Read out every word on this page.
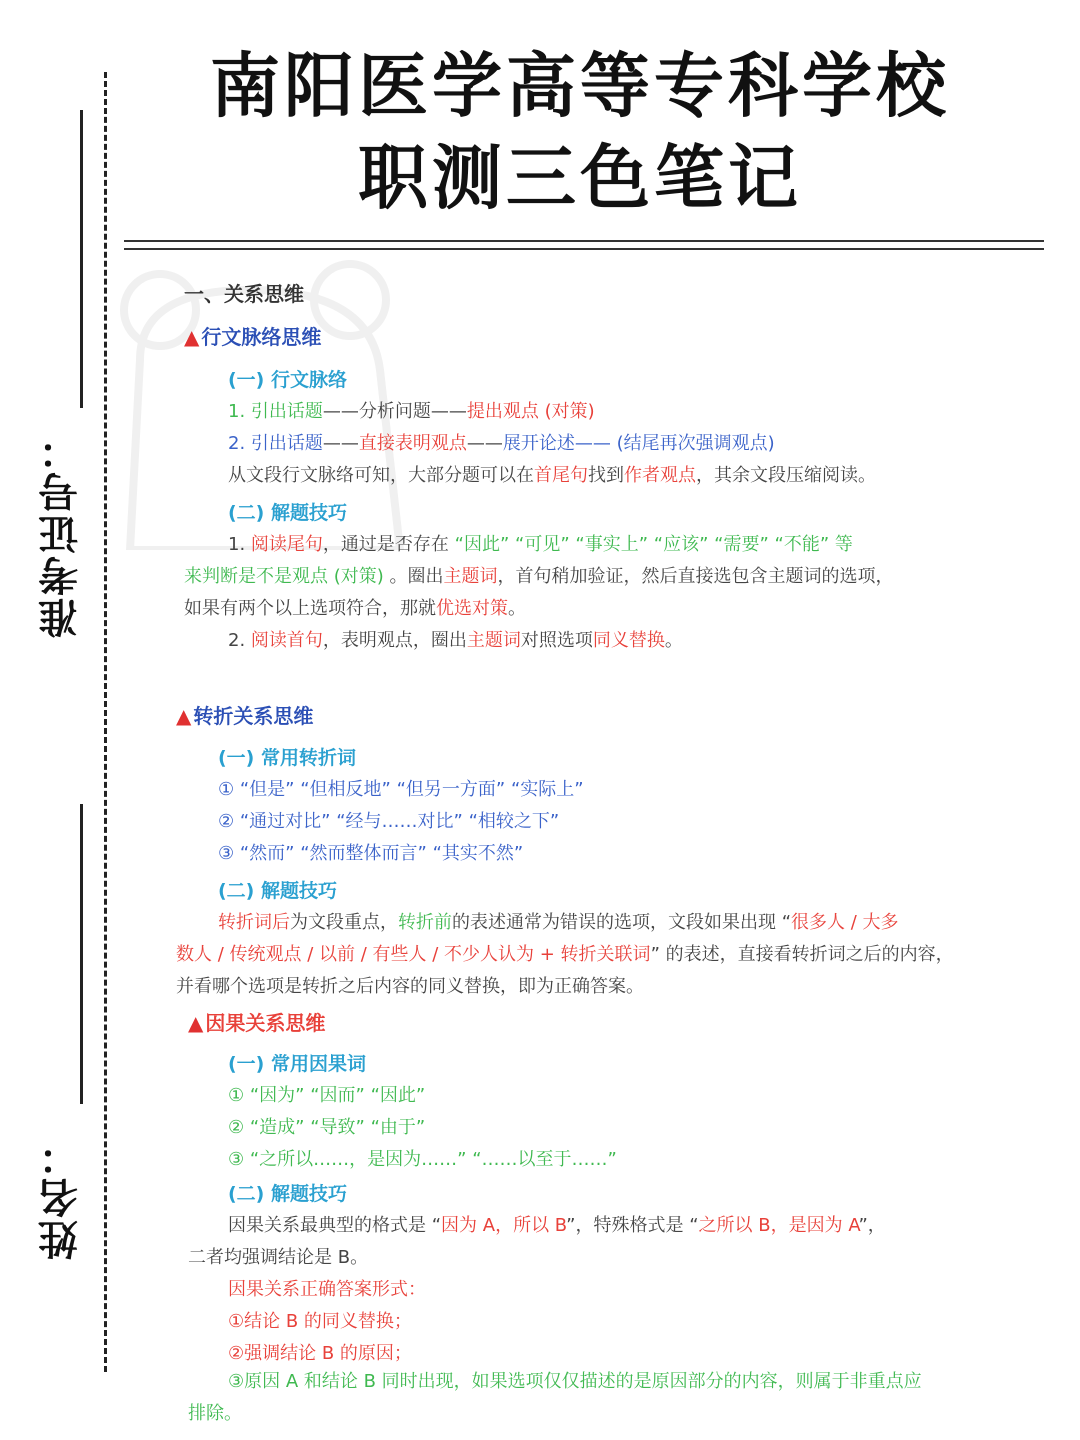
准考证号：
姓名：
南阳医学高等专科学校
职测三色笔记
一、关系思维
▲ 行文脉络思维
(一) 行文脉络
1. 引出话题——分析问题——提出观点 (对策)
2. 引出话题——直接表明观点——展开论述—— (结尾再次强调观点)
从文段行文脉络可知，大部分题可以在首尾句找到作者观点，其余文段压缩阅读。
(二) 解题技巧
1. 阅读尾句，通过是否存在 “因此” “可见” “事实上” “应该” “需要” “不能” 等
来判断是不是观点 (对策) 。圈出主题词，首句稍加验证，然后直接选包含主题词的选项，
如果有两个以上选项符合，那就优选对策。
2. 阅读首句，表明观点，圈出主题词对照选项同义替换。
▲ 转折关系思维
(一) 常用转折词
① “但是” “但相反地” “但另一方面” “实际上”
② “通过对比” “经与……对比” “相较之下”
③ “然而” “然而整体而言” “其实不然”
(二) 解题技巧
转折词后为文段重点，转折前的表述通常为错误的选项，文段如果出现 “很多人 / 大多
数人 / 传统观点 / 以前 / 有些人 / 不少人认为 + 转折关联词” 的表述，直接看转折词之后的内容，
并看哪个选项是转折之后内容的同义替换，即为正确答案。
▲ 因果关系思维
(一) 常用因果词
① “因为” “因而” “因此”
② “造成” “导致” “由于”
③ “之所以……，是因为……” “……以至于……”
(二) 解题技巧
因果关系最典型的格式是 “因为 A，所以 B”，特殊格式是 “之所以 B，是因为 A”，
二者均强调结论是 B。
因果关系正确答案形式：
①结论 B 的同义替换；
②强调结论 B 的原因；
③原因 A 和结论 B 同时出现，如果选项仅仅描述的是原因部分的内容，则属于非重点应
排除。
